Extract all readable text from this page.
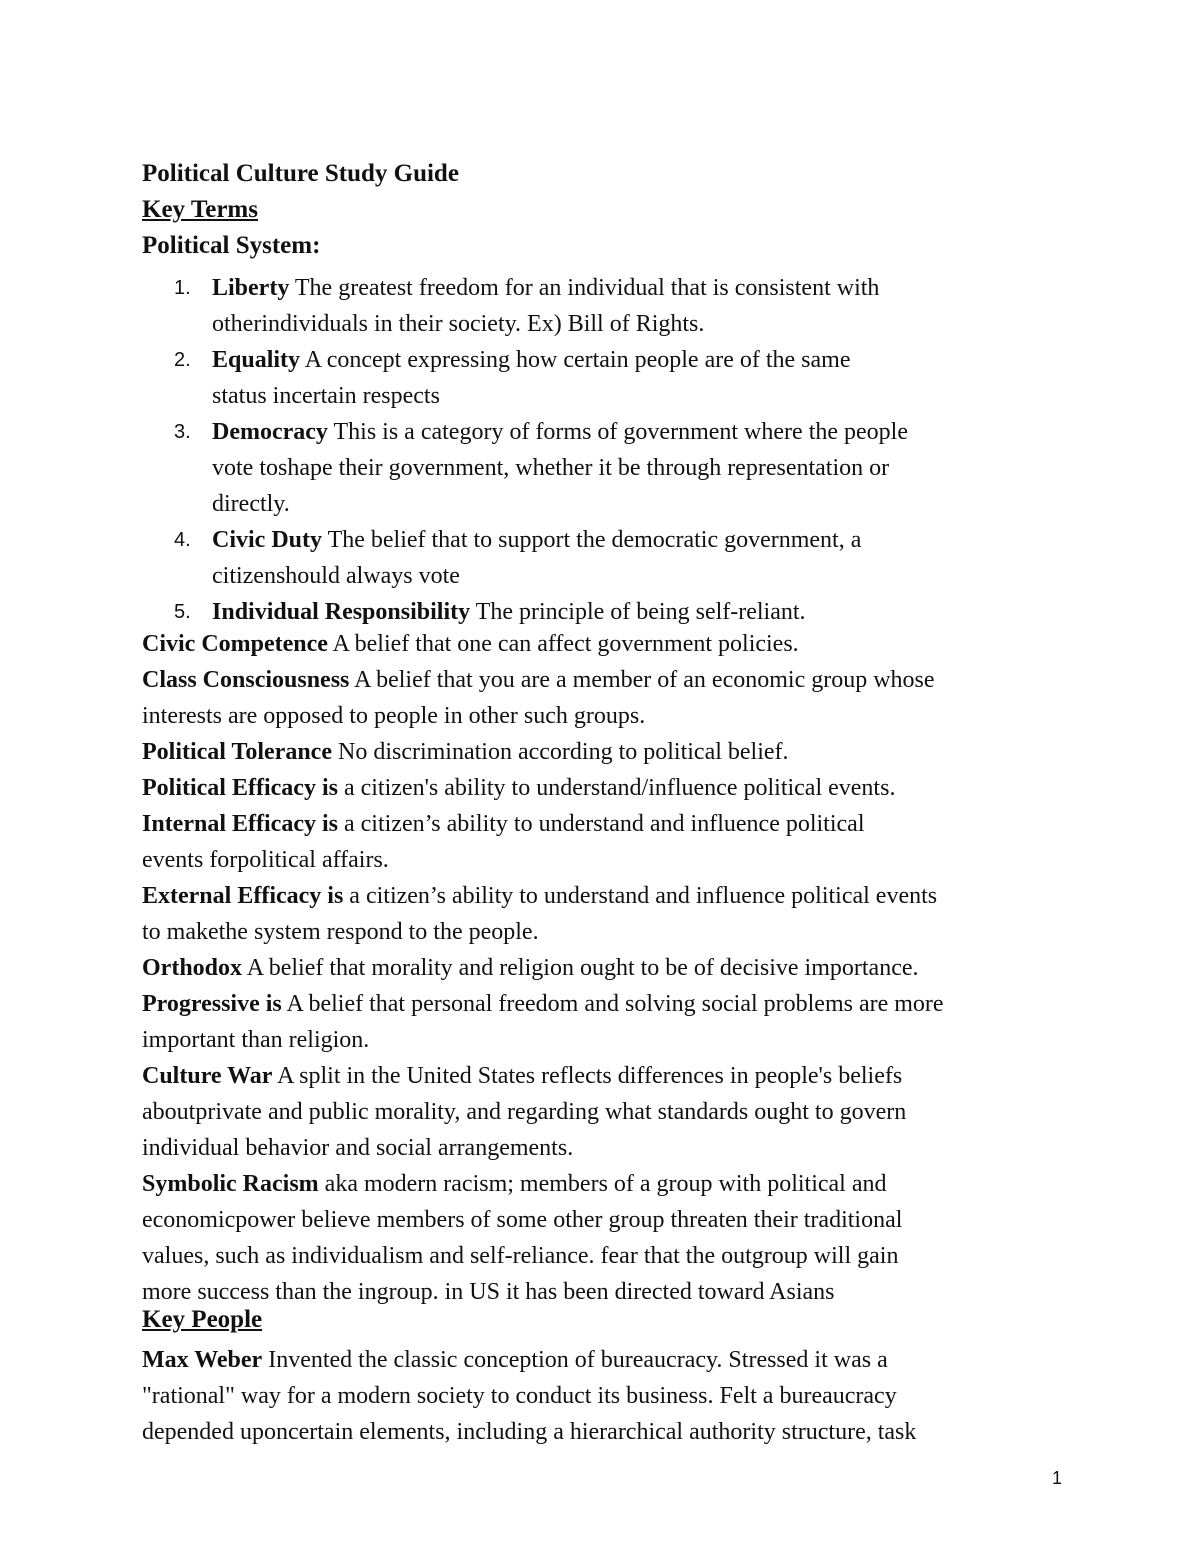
Political Culture Study Guide
Key Terms
Political System:
1. Liberty The greatest freedom for an individual that is consistent with
otherindividuals in their society. Ex) Bill of Rights.
2. Equality A concept expressing how certain people are of the same
status incertain respects
3. Democracy This is a category of forms of government where the people
vote toshape their government, whether it be through representation or
directly.
4. Civic Duty The belief that to support the democratic government, a
citizenshould always vote
5. Individual Responsibility The principle of being self-reliant.

Civic Competence A belief that one can affect government policies.

Class Consciousness A belief that you are a member of an economic group whose
interests are opposed to people in other such groups.

Political Tolerance No discrimination according to political belief.

Political Efficacy is a citizen's ability to understand/influence political events.

Internal Efficacy is a citizen’s ability to understand and influence political
events forpolitical affairs.

External Efficacy is a citizen’s ability to understand and influence political events
to makethe system respond to the people.

Orthodox A belief that morality and religion ought to be of decisive importance.

Progressive is A belief that personal freedom and solving social problems are more
important than religion.

Culture War A split in the United States reflects differences in people's beliefs
aboutprivate and public morality, and regarding what standards ought to govern
individual behavior and social arrangements.

Symbolic Racism aka modern racism; members of a group with political and
economicpower believe members of some other group threaten their traditional
values, such as individualism and self-reliance. fear that the outgroup will gain
more success than the ingroup. in US it has been directed toward Asians

Key People

Max Weber Invented the classic conception of bureaucracy. Stressed it was a
"rational" way for a modern society to conduct its business. Felt a bureaucracy
depended uponcertain elements, including a hierarchical authority structure, task

1
